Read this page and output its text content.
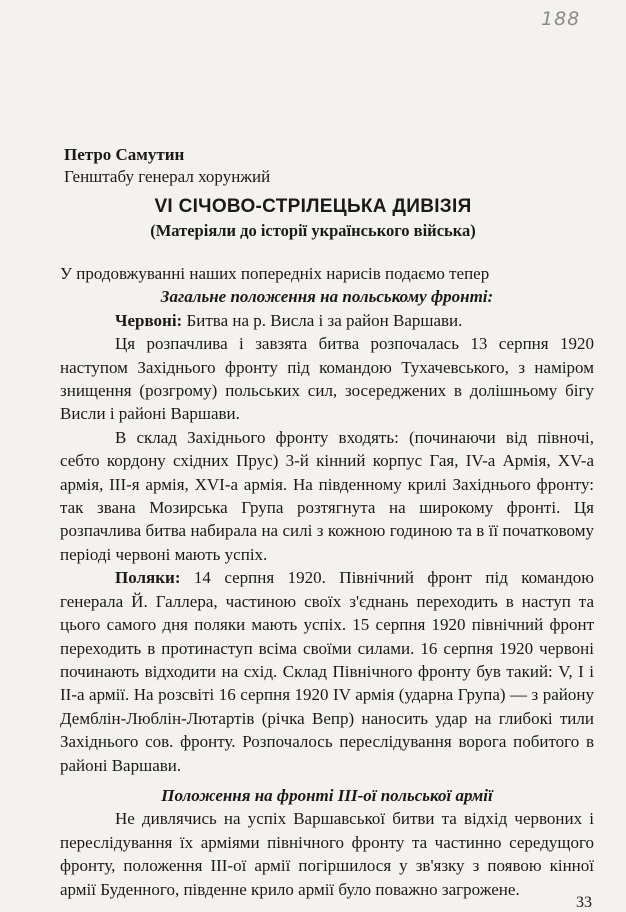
188
Петро Самутин
Генштабу генерал хорунжий
VI СІЧОВО-СТРІЛЕЦЬКА ДИВІЗІЯ
(Матеріяли до історії українського війська)

У продовжуванні наших попередніх нарисів подаємо тепер

Загальне положення на польському фронті:

Червоні: Битва на р. Висла і за район Варшави.

Ця розпачлива і завзята битва розпочалась 13 серпня 1920 наступом Західнього фронту під командою Тухачевського, з наміром знищення (розгрому) польських сил, зосереджених в долішньому бігу Висли і районі Варшави.

В склад Західнього фронту входять: (починаючи від півночі, себто кордону східних Прус) 3-й кінний корпус Гая, IV-а Армія, XV-а армія, III-я армія, XVI-а армія. На південному крилі Західнього фронту: так звана Мозирська Група розтягнута на широкому фронті. Ця розпачлива битва набирала на силі з кожною годиною та в її початковому періоді червоні мають успіх.

Поляки: 14 серпня 1920. Північний фронт під командою генерала Й. Галлера, частиною своїх з'єднань переходить в наступ та цього самого дня поляки мають успіх. 15 серпня 1920 північний фронт переходить в протинаступ всіма своїми силами. 16 серпня 1920 червоні починають відходити на схід. Склад Північного фронту був такий: V, I і II-а армії. На розсвіті 16 серпня 1920 IV армія (ударна Група) — з району Демблін-Люблін-Лютартів (річка Вепр) наносить удар на глибокі тили Західнього сов. фронту. Розпочалось переслідування ворога побитого в районі Варшави.

Положення на фронті III-ої польської армії

Не дивлячись на успіх Варшавської битви та відхід червоних і переслідування їх арміями північного фронту та частинно середущого фронту, положення III-ої армії погіршилося у зв'язку з появою кінної армії Буденного, південне крило армії було поважно загрожене.

33
